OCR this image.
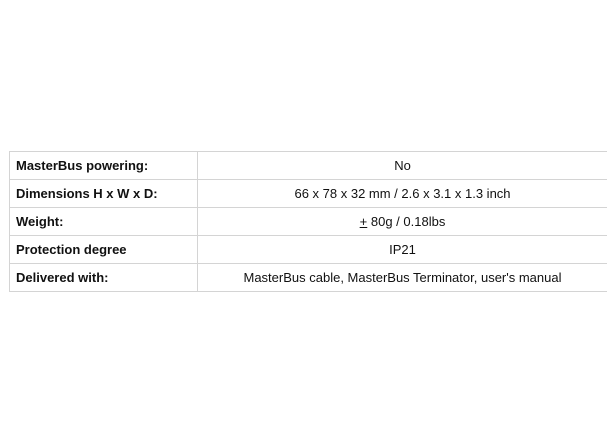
MasterBus powering:	No
Dimensions H x W x D:	66 x 78 x 32 mm / 2.6 x 3.1 x 1.3 inch
Weight:	+ 80g / 0.18lbs
Protection degree	IP21
Delivered with:	MasterBus cable, MasterBus Terminator, user's manual
